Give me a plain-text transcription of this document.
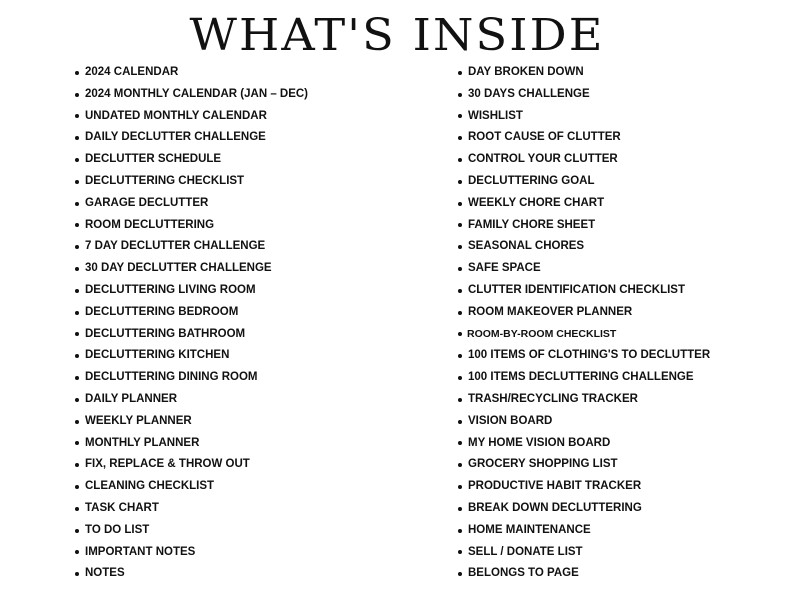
WHAT'S INSIDE
2024 CALENDAR
2024 MONTHLY CALENDAR (JAN – DEC)
UNDATED MONTHLY CALENDAR
DAILY DECLUTTER CHALLENGE
DECLUTTER SCHEDULE
DECLUTTERING CHECKLIST
GARAGE DECLUTTER
ROOM DECLUTTERING
7 DAY DECLUTTER CHALLENGE
30 DAY DECLUTTER CHALLENGE
DECLUTTERING LIVING ROOM
DECLUTTERING BEDROOM
DECLUTTERING BATHROOM
DECLUTTERING KITCHEN
DECLUTTERING DINING ROOM
DAILY PLANNER
WEEKLY PLANNER
MONTHLY PLANNER
FIX, REPLACE & THROW OUT
CLEANING CHECKLIST
TASK CHART
TO DO LIST
IMPORTANT NOTES
NOTES
DAY BROKEN DOWN
30 DAYS CHALLENGE
WISHLIST
ROOT CAUSE OF CLUTTER
CONTROL YOUR CLUTTER
DECLUTTERING GOAL
WEEKLY CHORE CHART
FAMILY CHORE SHEET
SEASONAL CHORES
SAFE SPACE
CLUTTER IDENTIFICATION CHECKLIST
ROOM MAKEOVER PLANNER
ROOM-BY-ROOM CHECKLIST
100 ITEMS OF CLOTHING'S TO DECLUTTER
100 ITEMS DECLUTTERING CHALLENGE
TRASH/RECYCLING TRACKER
VISION BOARD
MY HOME VISION BOARD
GROCERY SHOPPING LIST
PRODUCTIVE HABIT TRACKER
BREAK DOWN DECLUTTERING
HOME MAINTENANCE
SELL / DONATE LIST
BELONGS TO PAGE
